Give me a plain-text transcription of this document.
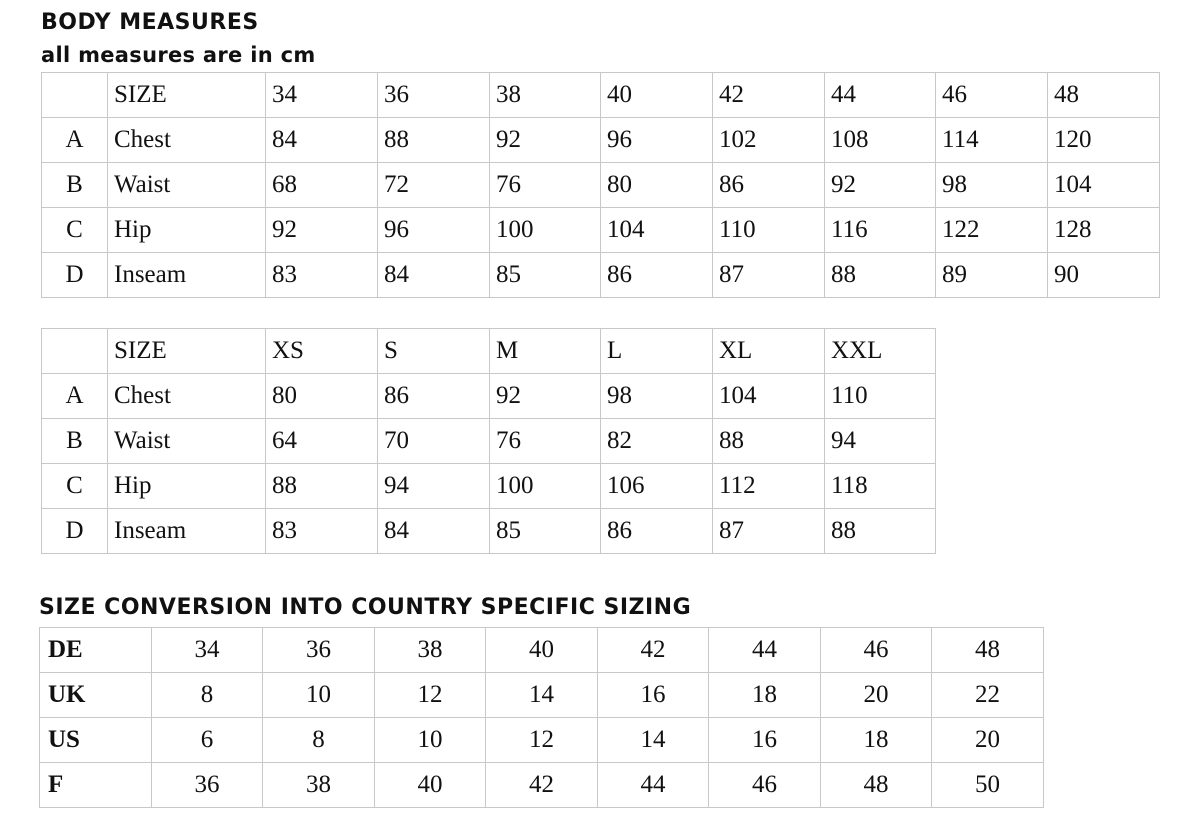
BODY MEASURES
all measures are in cm
	SIZE	34	36	38	40	42	44	46	48
A	Chest	84	88	92	96	102	108	114	120
B	Waist	68	72	76	80	86	92	98	104
C	Hip	92	96	100	104	110	116	122	128
D	Inseam	83	84	85	86	87	88	89	90
	SIZE	XS	S	M	L	XL	XXL
A	Chest	80	86	92	98	104	110
B	Waist	64	70	76	82	88	94
C	Hip	88	94	100	106	112	118
D	Inseam	83	84	85	86	87	88
SIZE CONVERSION INTO COUNTRY SPECIFIC SIZING
DE	34	36	38	40	42	44	46	48
UK	8	10	12	14	16	18	20	22
US	6	8	10	12	14	16	18	20
F	36	38	40	42	44	46	48	50
